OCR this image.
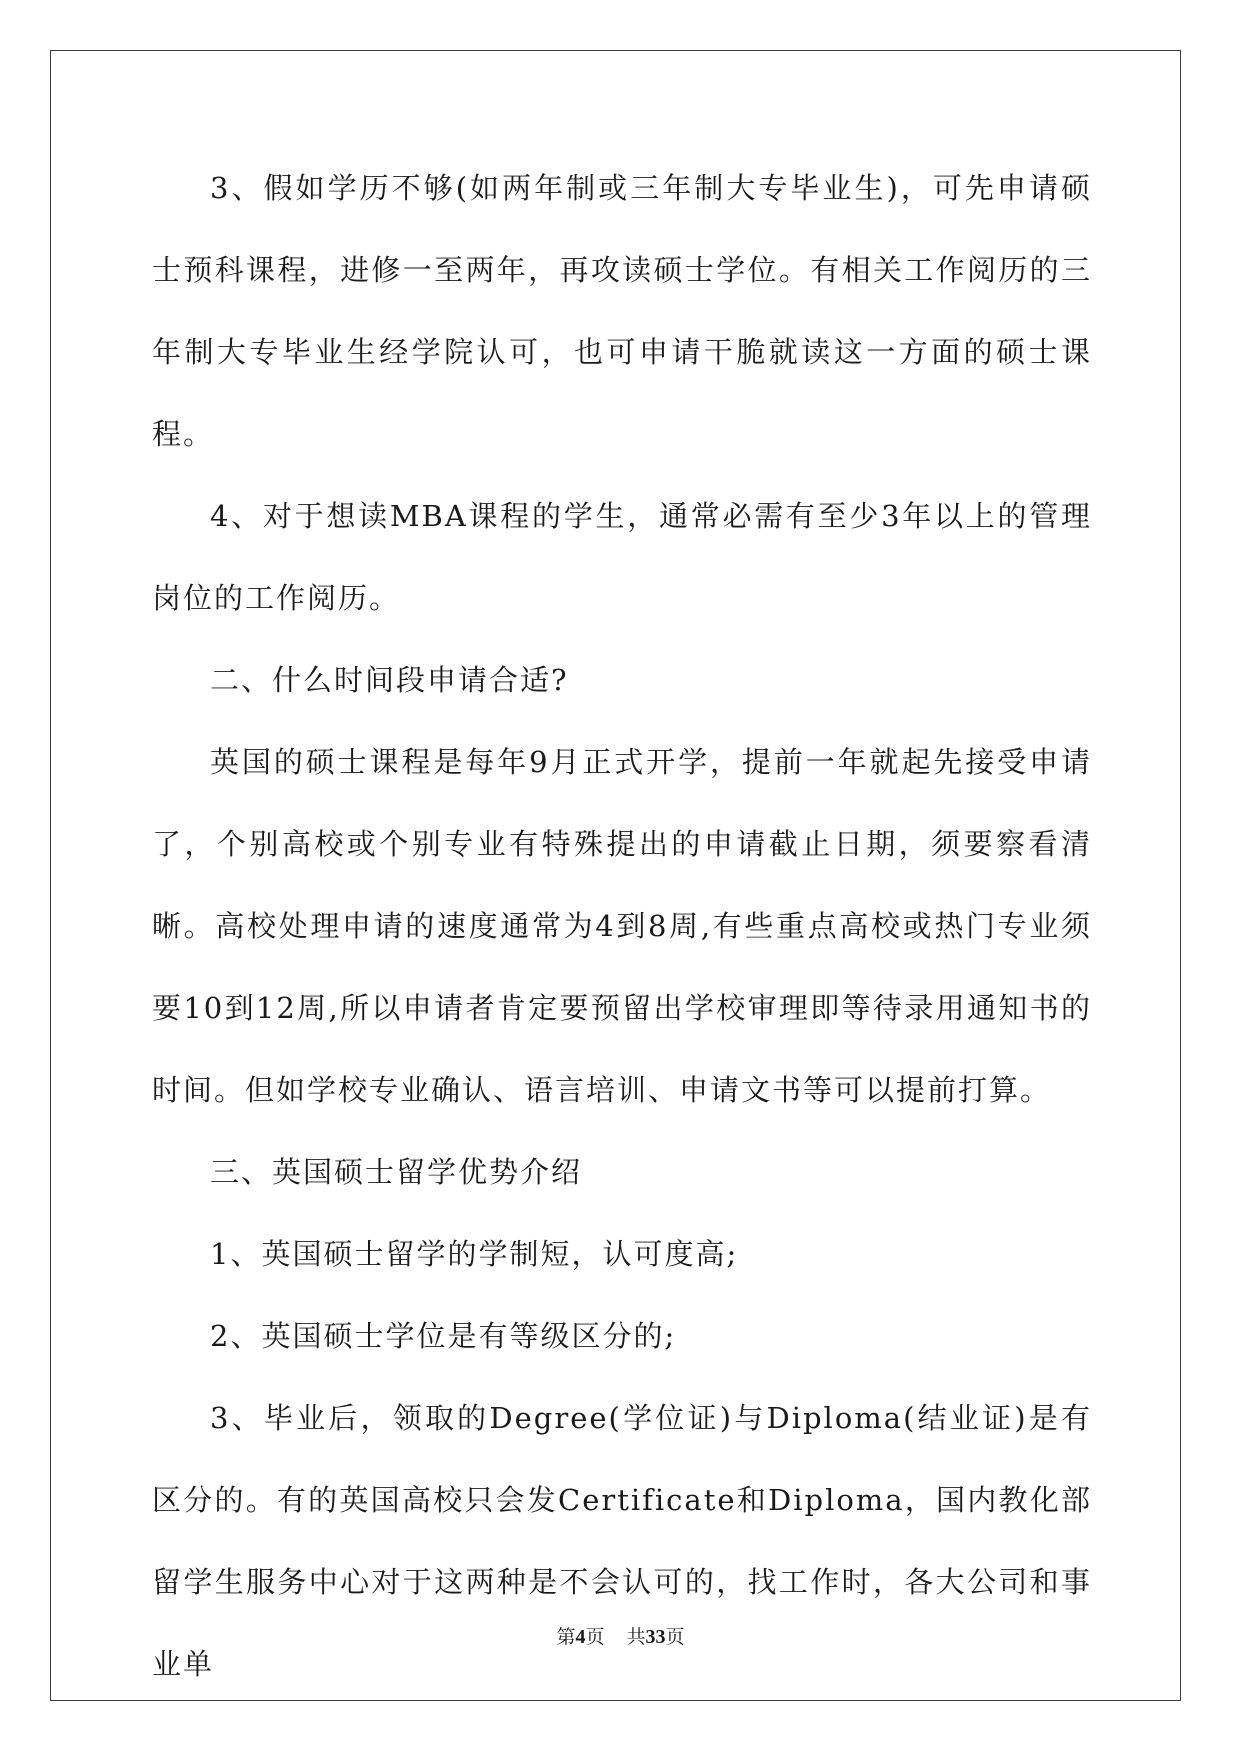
3、假如学历不够(如两年制或三年制大专毕业生)，可先申请硕士预科课程，进修一至两年，再攻读硕士学位。有相关工作阅历的三年制大专毕业生经学院认可，也可申请干脆就读这一方面的硕士课程。

4、对于想读MBA课程的学生，通常必需有至少3年以上的管理岗位的工作阅历。

二、什么时间段申请合适?

英国的硕士课程是每年9月正式开学，提前一年就起先接受申请了，个别高校或个别专业有特殊提出的申请截止日期，须要察看清晰。高校处理申请的速度通常为4到8周,有些重点高校或热门专业须要10到12周,所以申请者肯定要预留出学校审理即等待录用通知书的时间。但如学校专业确认、语言培训、申请文书等可以提前打算。

三、英国硕士留学优势介绍

1、英国硕士留学的学制短，认可度高;

2、英国硕士学位是有等级区分的;

3、毕业后，领取的Degree(学位证)与Diploma(结业证)是有区分的。有的英国高校只会发Certificate和Diploma，国内教化部留学生服务中心对于这两种是不会认可的，找工作时，各大公司和事业单

第4页 共33页
